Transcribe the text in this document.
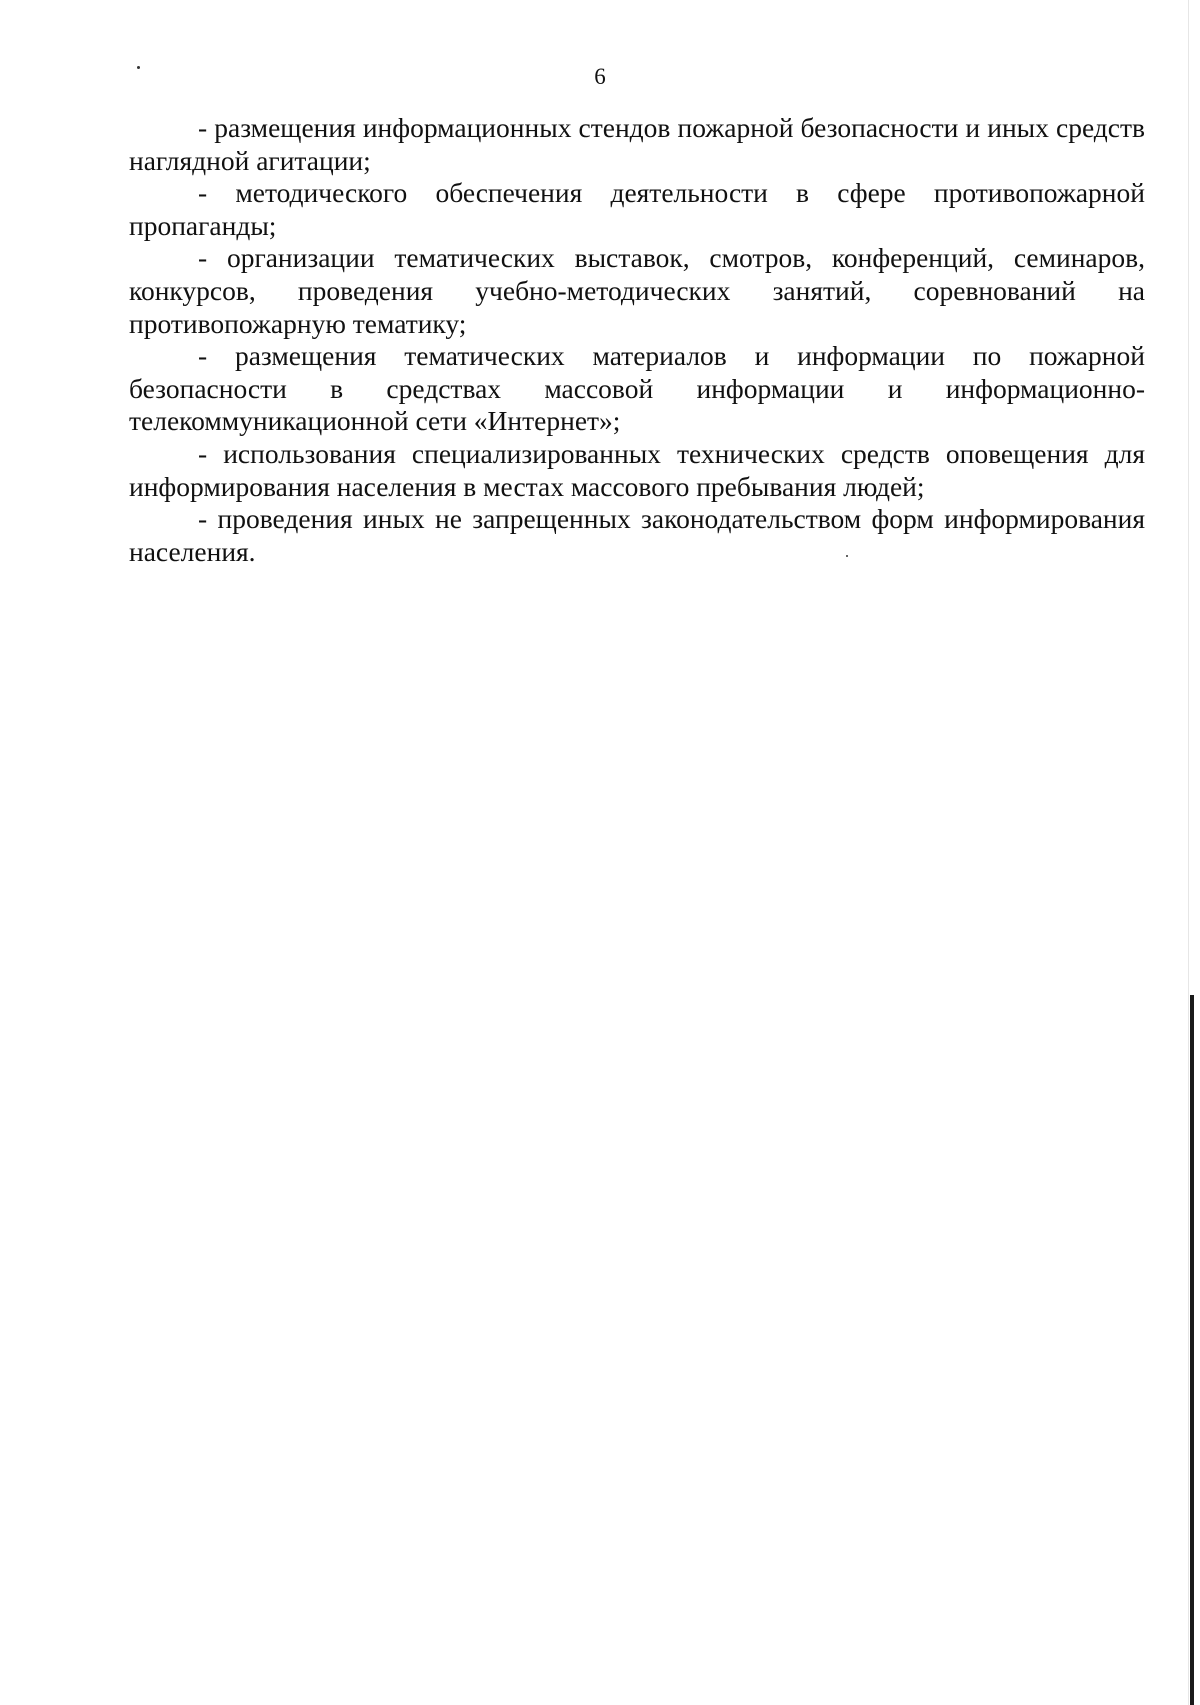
6

- размещения информационных стендов пожарной безопасности и иных средств наглядной агитации;

- методического обеспечения деятельности в сфере противопожарной пропаганды;

- организации тематических выставок, смотров, конференций, семинаров, конкурсов, проведения учебно-методических занятий, соревнований на противопожарную тематику;

- размещения тематических материалов и информации по пожарной безопасности в средствах массовой информации и информационно-телекоммуникационной сети «Интернет»;

- использования специализированных технических средств оповещения для информирования населения в местах массового пребывания людей;

- проведения иных не запрещенных законодательством форм информирования населения.
